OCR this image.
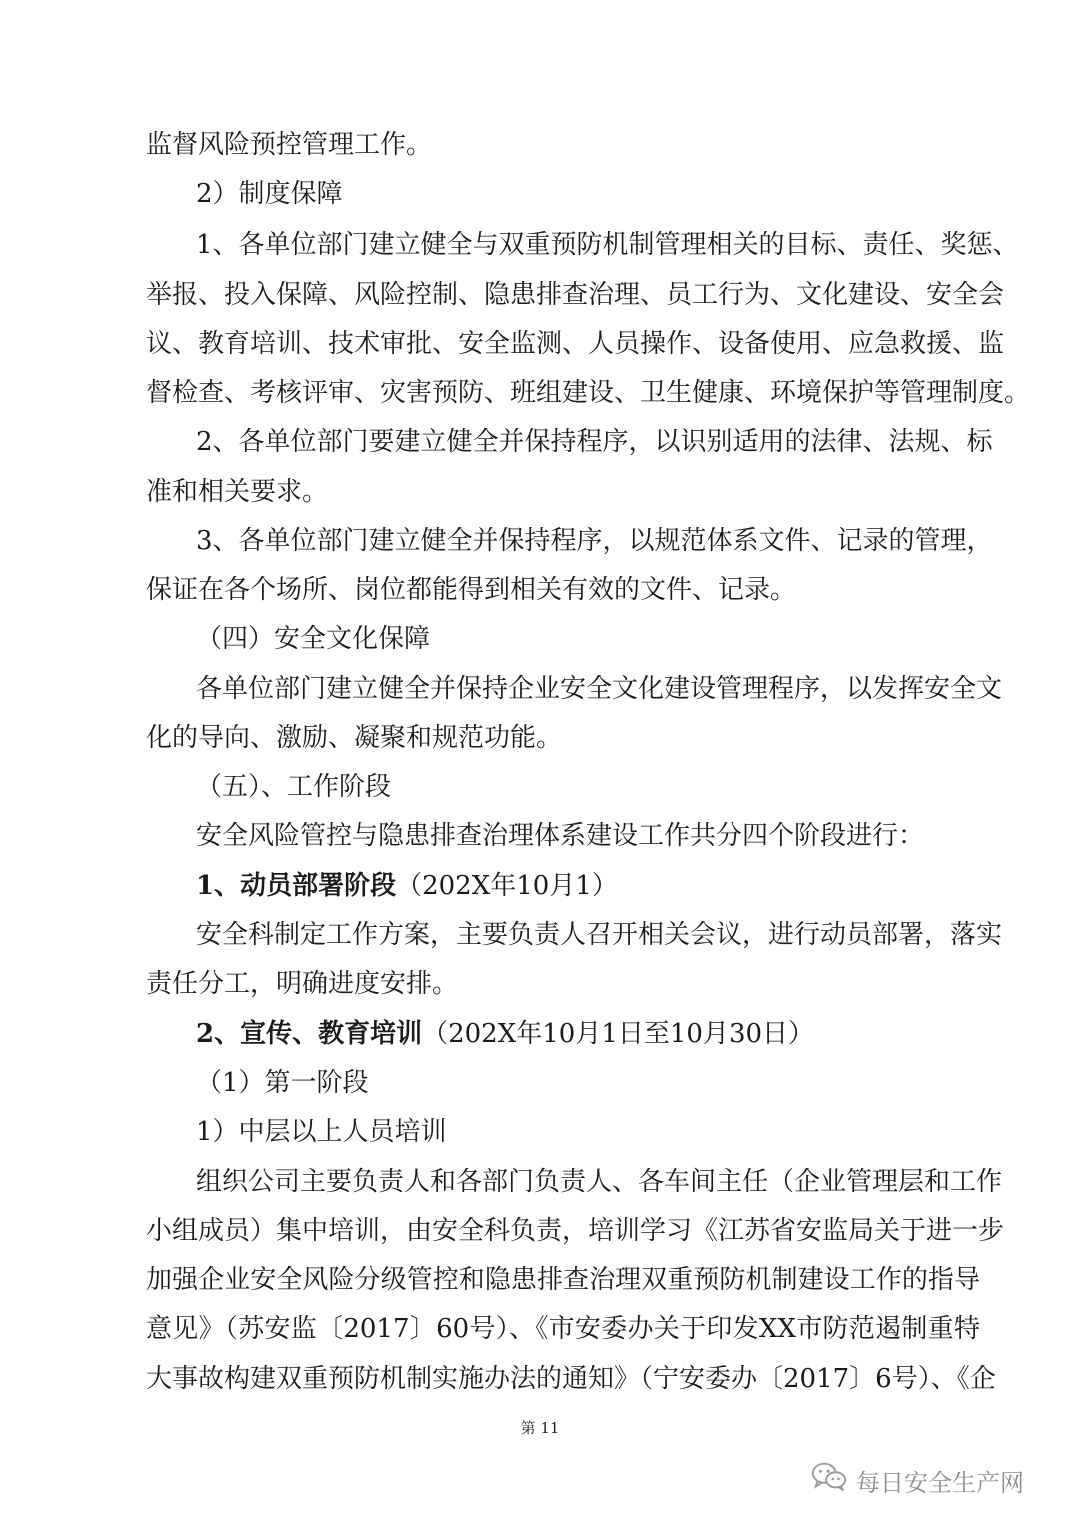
监督风险预控管理工作。
2）制度保障
1、各单位部门建立健全与双重预防机制管理相关的目标、责任、奖惩、
举报、投入保障、风险控制、隐患排查治理、员工行为、文化建设、安全会
议、教育培训、技术审批、安全监测、人员操作、设备使用、应急救援、监
督检查、考核评审、灾害预防、班组建设、卫生健康、环境保护等管理制度。
2、各单位部门要建立健全并保持程序，以识别适用的法律、法规、标
准和相关要求。
3、各单位部门建立健全并保持程序，以规范体系文件、记录的管理，
保证在各个场所、岗位都能得到相关有效的文件、记录。
（四）安全文化保障
各单位部门建立健全并保持企业安全文化建设管理程序，以发挥安全文
化的导向、激励、凝聚和规范功能。
（五）、工作阶段
安全风险管控与隐患排查治理体系建设工作共分四个阶段进行：
1、动员部署阶段（202X年10月1）
安全科制定工作方案，主要负责人召开相关会议，进行动员部署，落实
责任分工，明确进度安排。
2、宣传、教育培训（202X年10月1日至10月30日）
（1）第一阶段
1）中层以上人员培训
组织公司主要负责人和各部门负责人、各车间主任（企业管理层和工作
小组成员）集中培训，由安全科负责，培训学习《江苏省安监局关于进一步
加强企业安全风险分级管控和隐患排查治理双重预防机制建设工作的指导
意见》（苏安监〔2017〕60号）、《市安委办关于印发XX市防范遏制重特
大事故构建双重预防机制实施办法的通知》（宁安委办〔2017〕6号）、《企
第 11
每日安全生产网
